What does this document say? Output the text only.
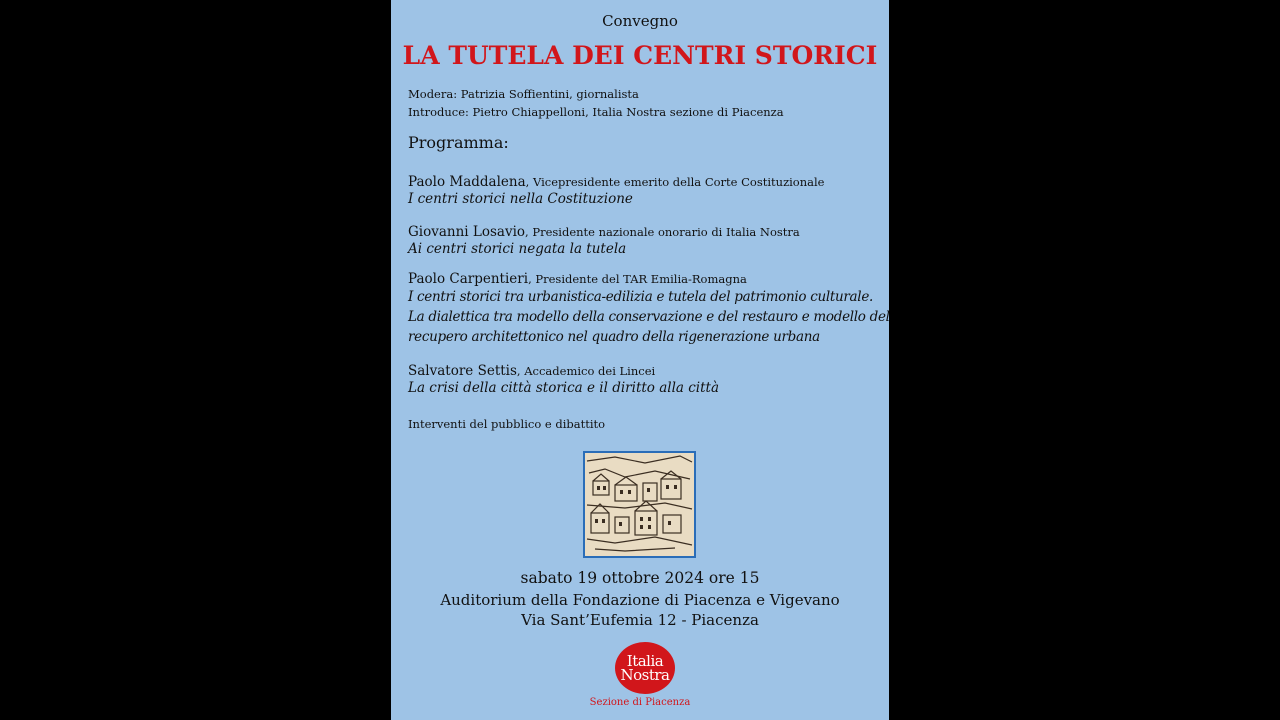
Convegno
LA TUTELA DEI CENTRI STORICI
Modera: Patrizia Soffientini, giornalista
Introduce: Pietro Chiappelloni, Italia Nostra sezione di Piacenza
Programma:
Paolo Maddalena, Vicepresidente emerito della Corte Costituzionale
I centri storici nella Costituzione
Giovanni Losavio, Presidente nazionale onorario di Italia Nostra
Ai centri storici negata la tutela
Paolo Carpentieri, Presidente del TAR Emilia-Romagna
I centri storici tra urbanistica-edilizia e tutela del patrimonio culturale.
La dialettica tra modello della conservazione e del restauro e modello del
recupero architettonico nel quadro della rigenerazione urbana
Salvatore Settis, Accademico dei Lincei
La crisi della città storica e il diritto alla città
Interventi del pubblico e dibattito
sabato 19 ottobre 2024 ore 15
Auditorium della Fondazione di Piacenza e Vigevano
Via Sant’Eufemia 12 - Piacenza
Italia
Nostra
Sezione di Piacenza
